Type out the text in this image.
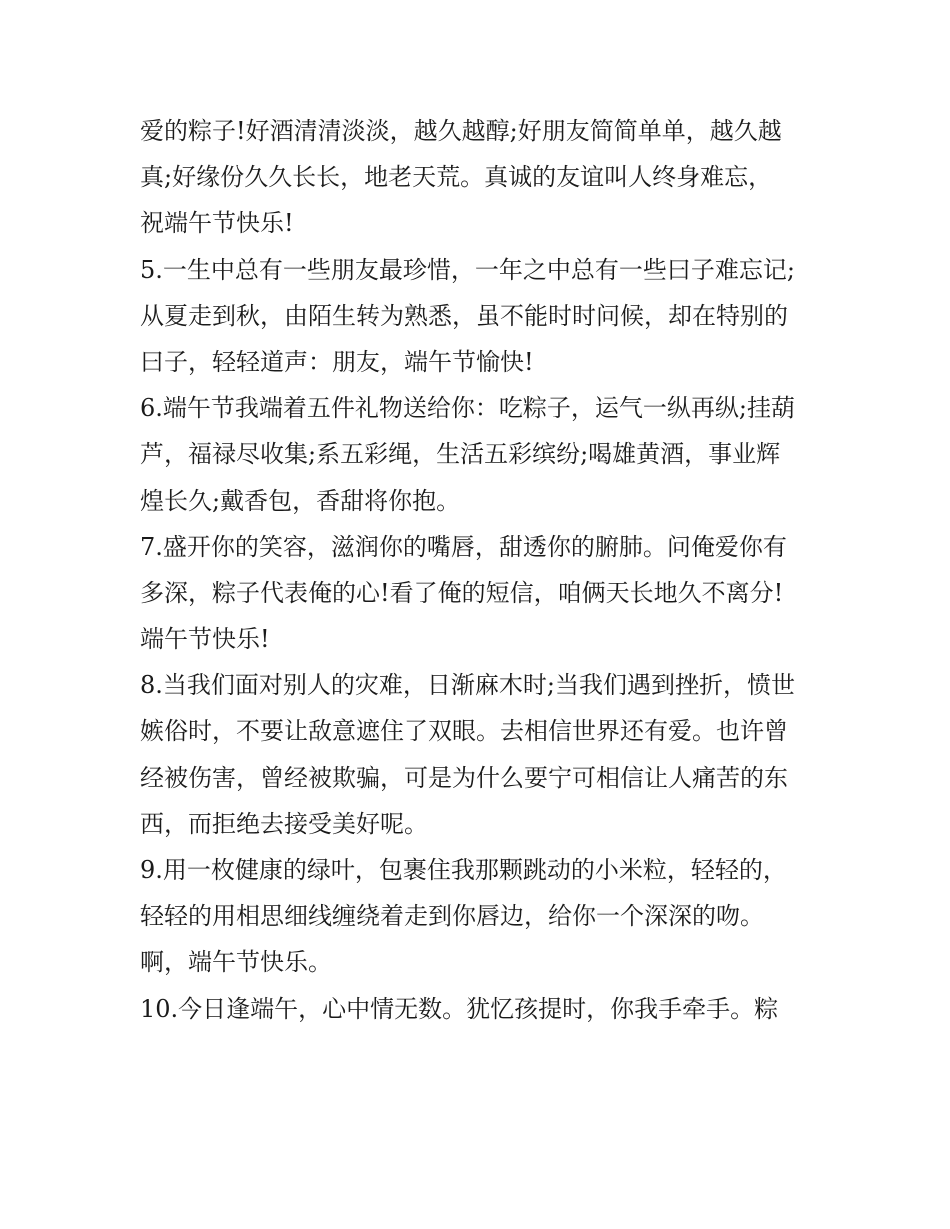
爱的粽子!好酒清清淡淡，越久越醇;好朋友简简单单，越久越
真;好缘份久久长长，地老天荒。真诚的友谊叫人终身难忘，
祝端午节快乐!
5.一生中总有一些朋友最珍惜，一年之中总有一些曰子难忘记;
从夏走到秋，由陌生转为熟悉，虽不能时时问候，却在特别的
曰子，轻轻道声：朋友，端午节愉快!
6.端午节我端着五件礼物送给你：吃粽子，运气一纵再纵;挂葫
芦，福禄尽收集;系五彩绳，生活五彩缤纷;喝雄黄酒，事业辉
煌长久;戴香包，香甜将你抱。
7.盛开你的笑容，滋润你的嘴唇，甜透你的腑肺。问俺爱你有
多深，粽子代表俺的心!看了俺的短信，咱俩天长地久不离分!
端午节快乐!
8.当我们面对别人的灾难，日渐麻木时;当我们遇到挫折，愤世
嫉俗时，不要让敌意遮住了双眼。去相信世界还有爱。也许曾
经被伤害，曾经被欺骗，可是为什么要宁可相信让人痛苦的东
西，而拒绝去接受美好呢。
9.用一枚健康的绿叶，包裹住我那颗跳动的小米粒，轻轻的，
轻轻的用相思细线缠绕着走到你唇边，给你一个深深的吻。
啊，端午节快乐。
10.今日逢端午，心中情无数。犹忆孩提时，你我手牵手。粽
